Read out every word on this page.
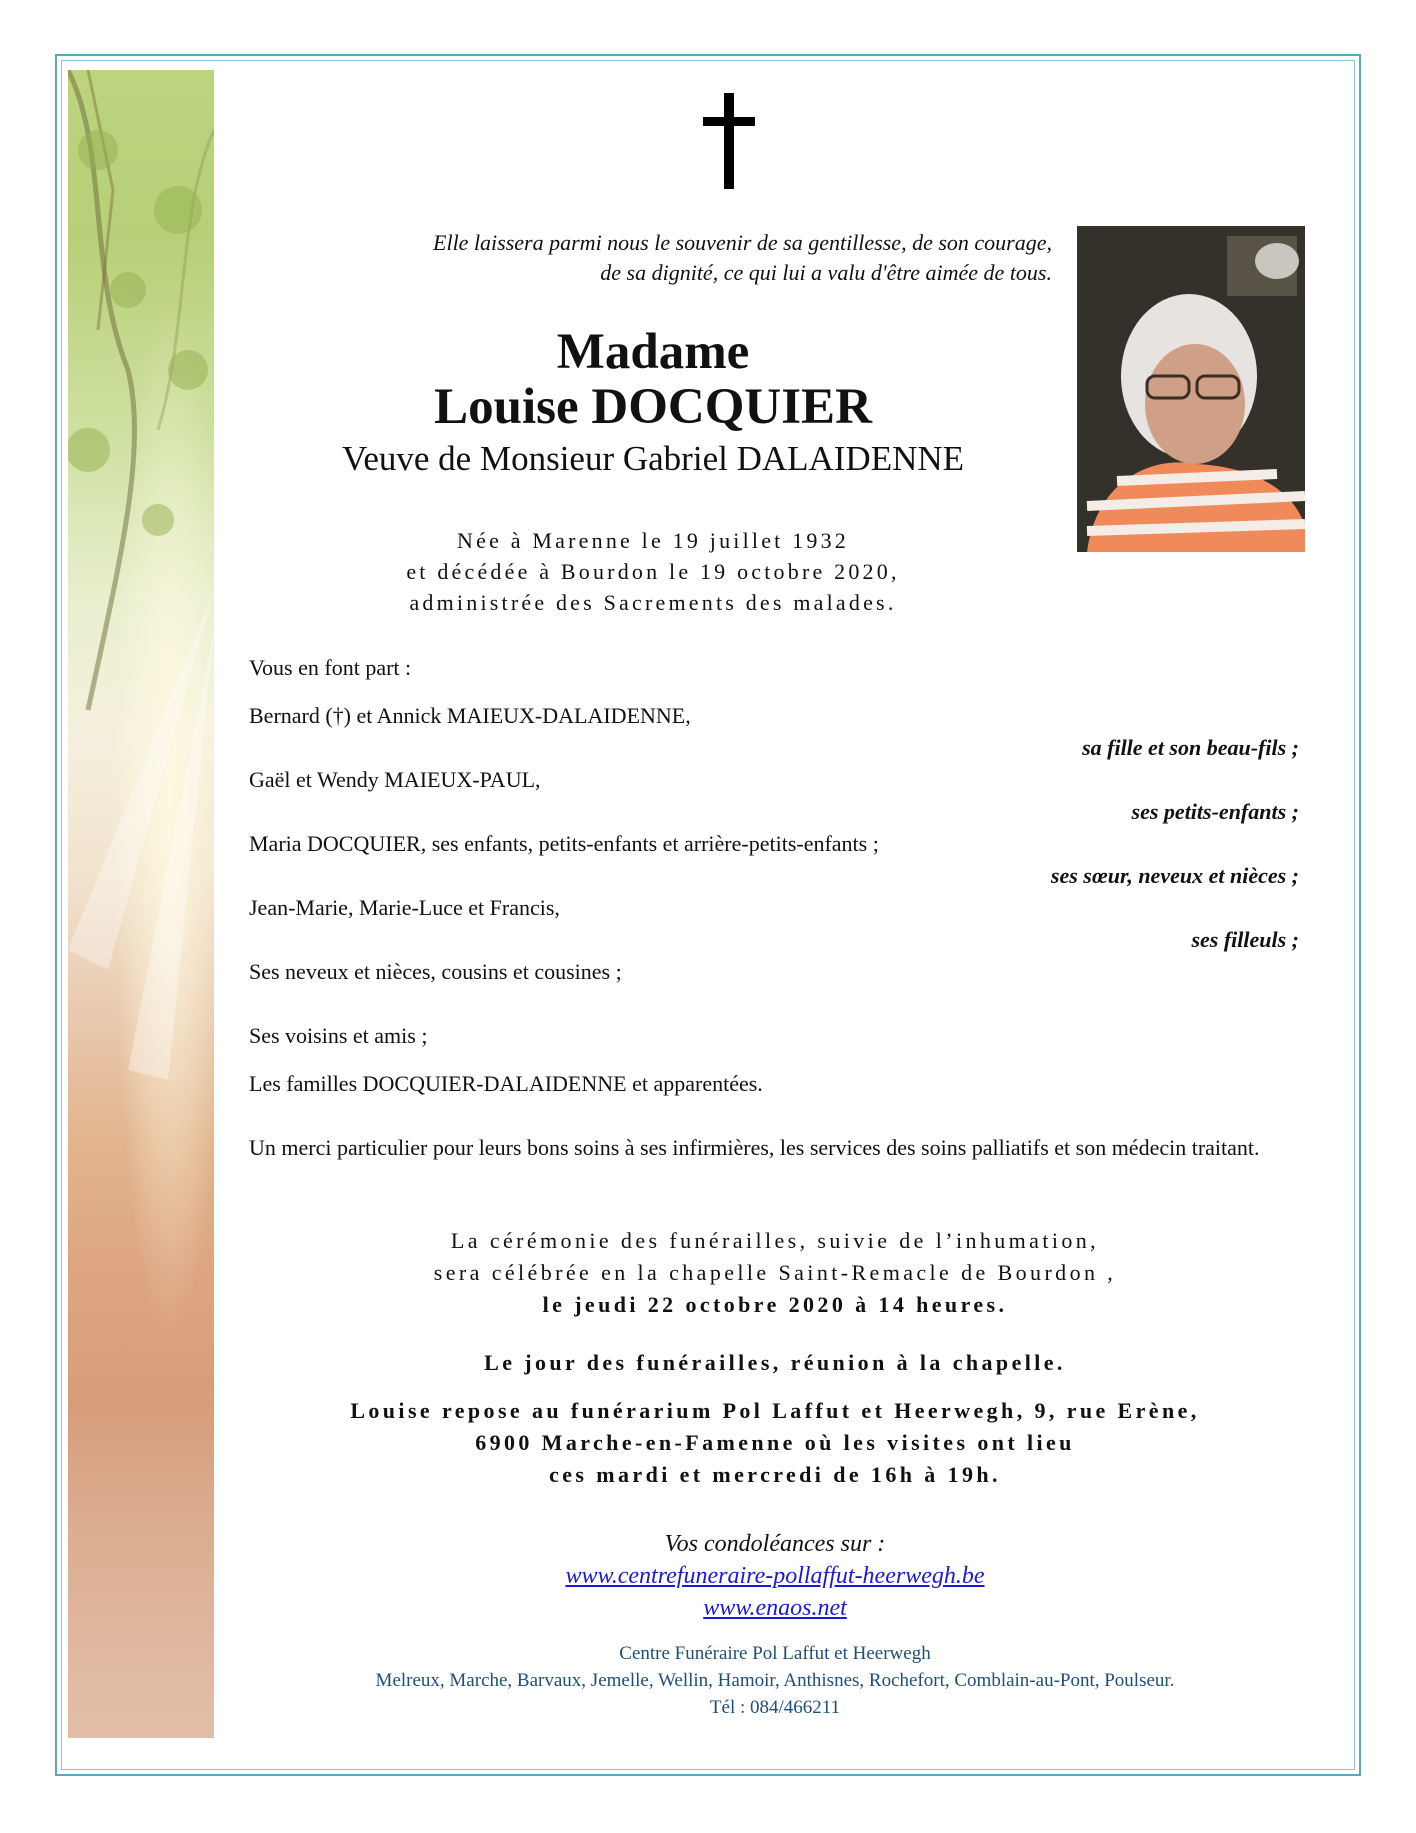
Elle laissera parmi nous le souvenir de sa gentillesse, de son courage,
de sa dignité, ce qui lui a valu d'être aimée de tous.
Madame
Louise DOCQUIER
Veuve de Monsieur Gabriel DALAIDENNE
Née à Marenne le 19 juillet 1932
et décédée à Bourdon le 19 octobre 2020,
administrée des Sacrements des malades.
Vous en font part :
Bernard (†) et Annick MAIEUX-DALAIDENNE,
sa fille et son beau-fils ;
Gaël et Wendy MAIEUX-PAUL,
ses petits-enfants ;
Maria DOCQUIER, ses enfants, petits-enfants et arrière-petits-enfants ;
ses sœur, neveux et nièces ;
Jean-Marie, Marie-Luce et Francis,
ses filleuls ;
Ses neveux et nièces, cousins et cousines ;
Ses voisins et amis ;
Les familles DOCQUIER-DALAIDENNE et apparentées.
Un merci particulier pour leurs bons soins à ses infirmières, les services des soins palliatifs et son médecin traitant.
La cérémonie des funérailles, suivie de l’inhumation,
sera célébrée en la chapelle Saint-Remacle de Bourdon ,
le jeudi 22 octobre 2020 à 14 heures.
Le jour des funérailles, réunion à la chapelle.
Louise repose au funérarium Pol Laffut et Heerwegh, 9, rue Erène,
6900 Marche-en-Famenne où les visites ont lieu
ces mardi et mercredi de 16h à 19h.
Vos condoléances sur :
www.centrefuneraire-pollaffut-heerwegh.be
www.enaos.net
Centre Funéraire Pol Laffut et Heerwegh
Melreux, Marche, Barvaux, Jemelle, Wellin, Hamoir, Anthisnes, Rochefort, Comblain-au-Pont, Poulseur.
Tél : 084/466211
